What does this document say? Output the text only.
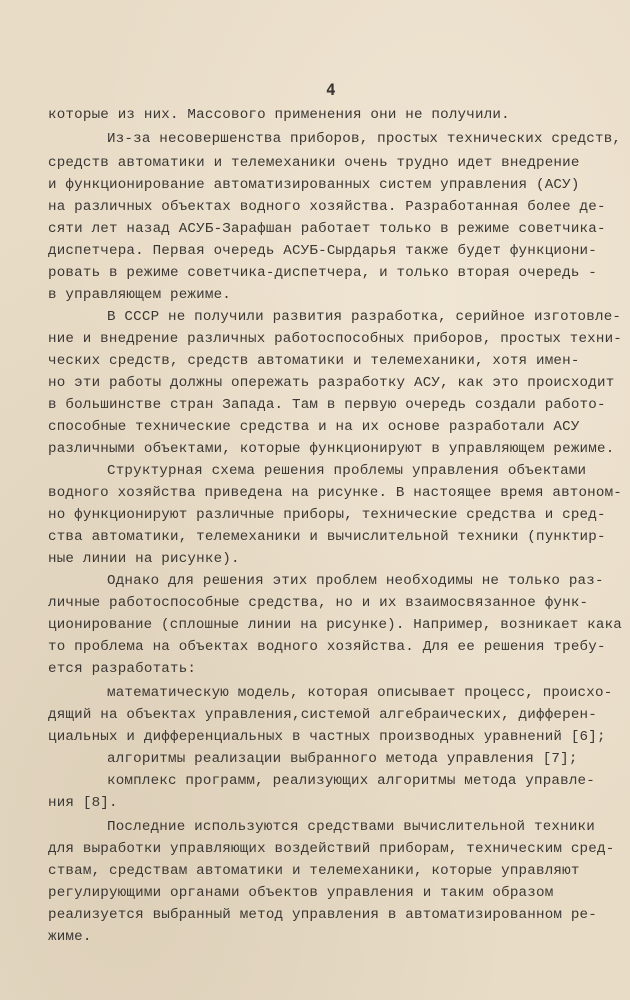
4
которые из них. Массового применения они не получили.
Из-за несовершенства приборов, простых технических средств,
средств автоматики и телемеханики очень трудно идет внедрение
и функционирование автоматизированных систем управления (АСУ)
на различных объектах водного хозяйства. Разработанная более де-
сяти лет назад АСУБ-Зарафшан работает только в режиме советчика-
диспетчера. Первая очередь АСУБ-Сырдарья также будет функциони-
ровать в режиме советчика-диспетчера, и только вторая очередь -
в управляющем режиме.
В СССР не получили развития разработка, серийное изготовле-
ние и внедрение различных работоспособных приборов, простых техни-
ческих средств, средств автоматики и телемеханики, хотя имен-
но эти работы должны опережать разработку АСУ, как это происходит
в большинстве стран Запада. Там в первую очередь создали работо-
способные технические средства и на их основе разработали АСУ
различными объектами, которые функционируют в управляющем режиме.
Структурная схема решения проблемы управления объектами
водного хозяйства приведена на рисунке. В настоящее время автоном-
но функционируют различные приборы, технические средства и сред-
ства автоматики, телемеханики и вычислительной техники (пунктир-
ные линии на рисунке).
Однако для решения этих проблем необходимы не только раз-
личные работоспособные средства, но и их взаимосвязанное функ-
ционирование (сплошные линии на рисунке). Например, возникает кака
то проблема на объектах водного хозяйства. Для ее решения требу-
ется разработать:
математическую модель, которая описывает процесс, происхо-
дящий на объектах управления,системой алгебраических, дифферен-
циальных и дифференциальных в частных производных уравнений [6];
алгоритмы реализации выбранного метода управления [7];
комплекс программ, реализующих алгоритмы метода управле-
ния [8].
Последние используются средствами вычислительной техники
для выработки управляющих воздействий приборам, техническим сред-
ствам, средствам автоматики и телемеханики, которые управляют
регулирующими органами объектов управления и таким образом
реализуется выбранный метод управления в автоматизированном ре-
жиме.
